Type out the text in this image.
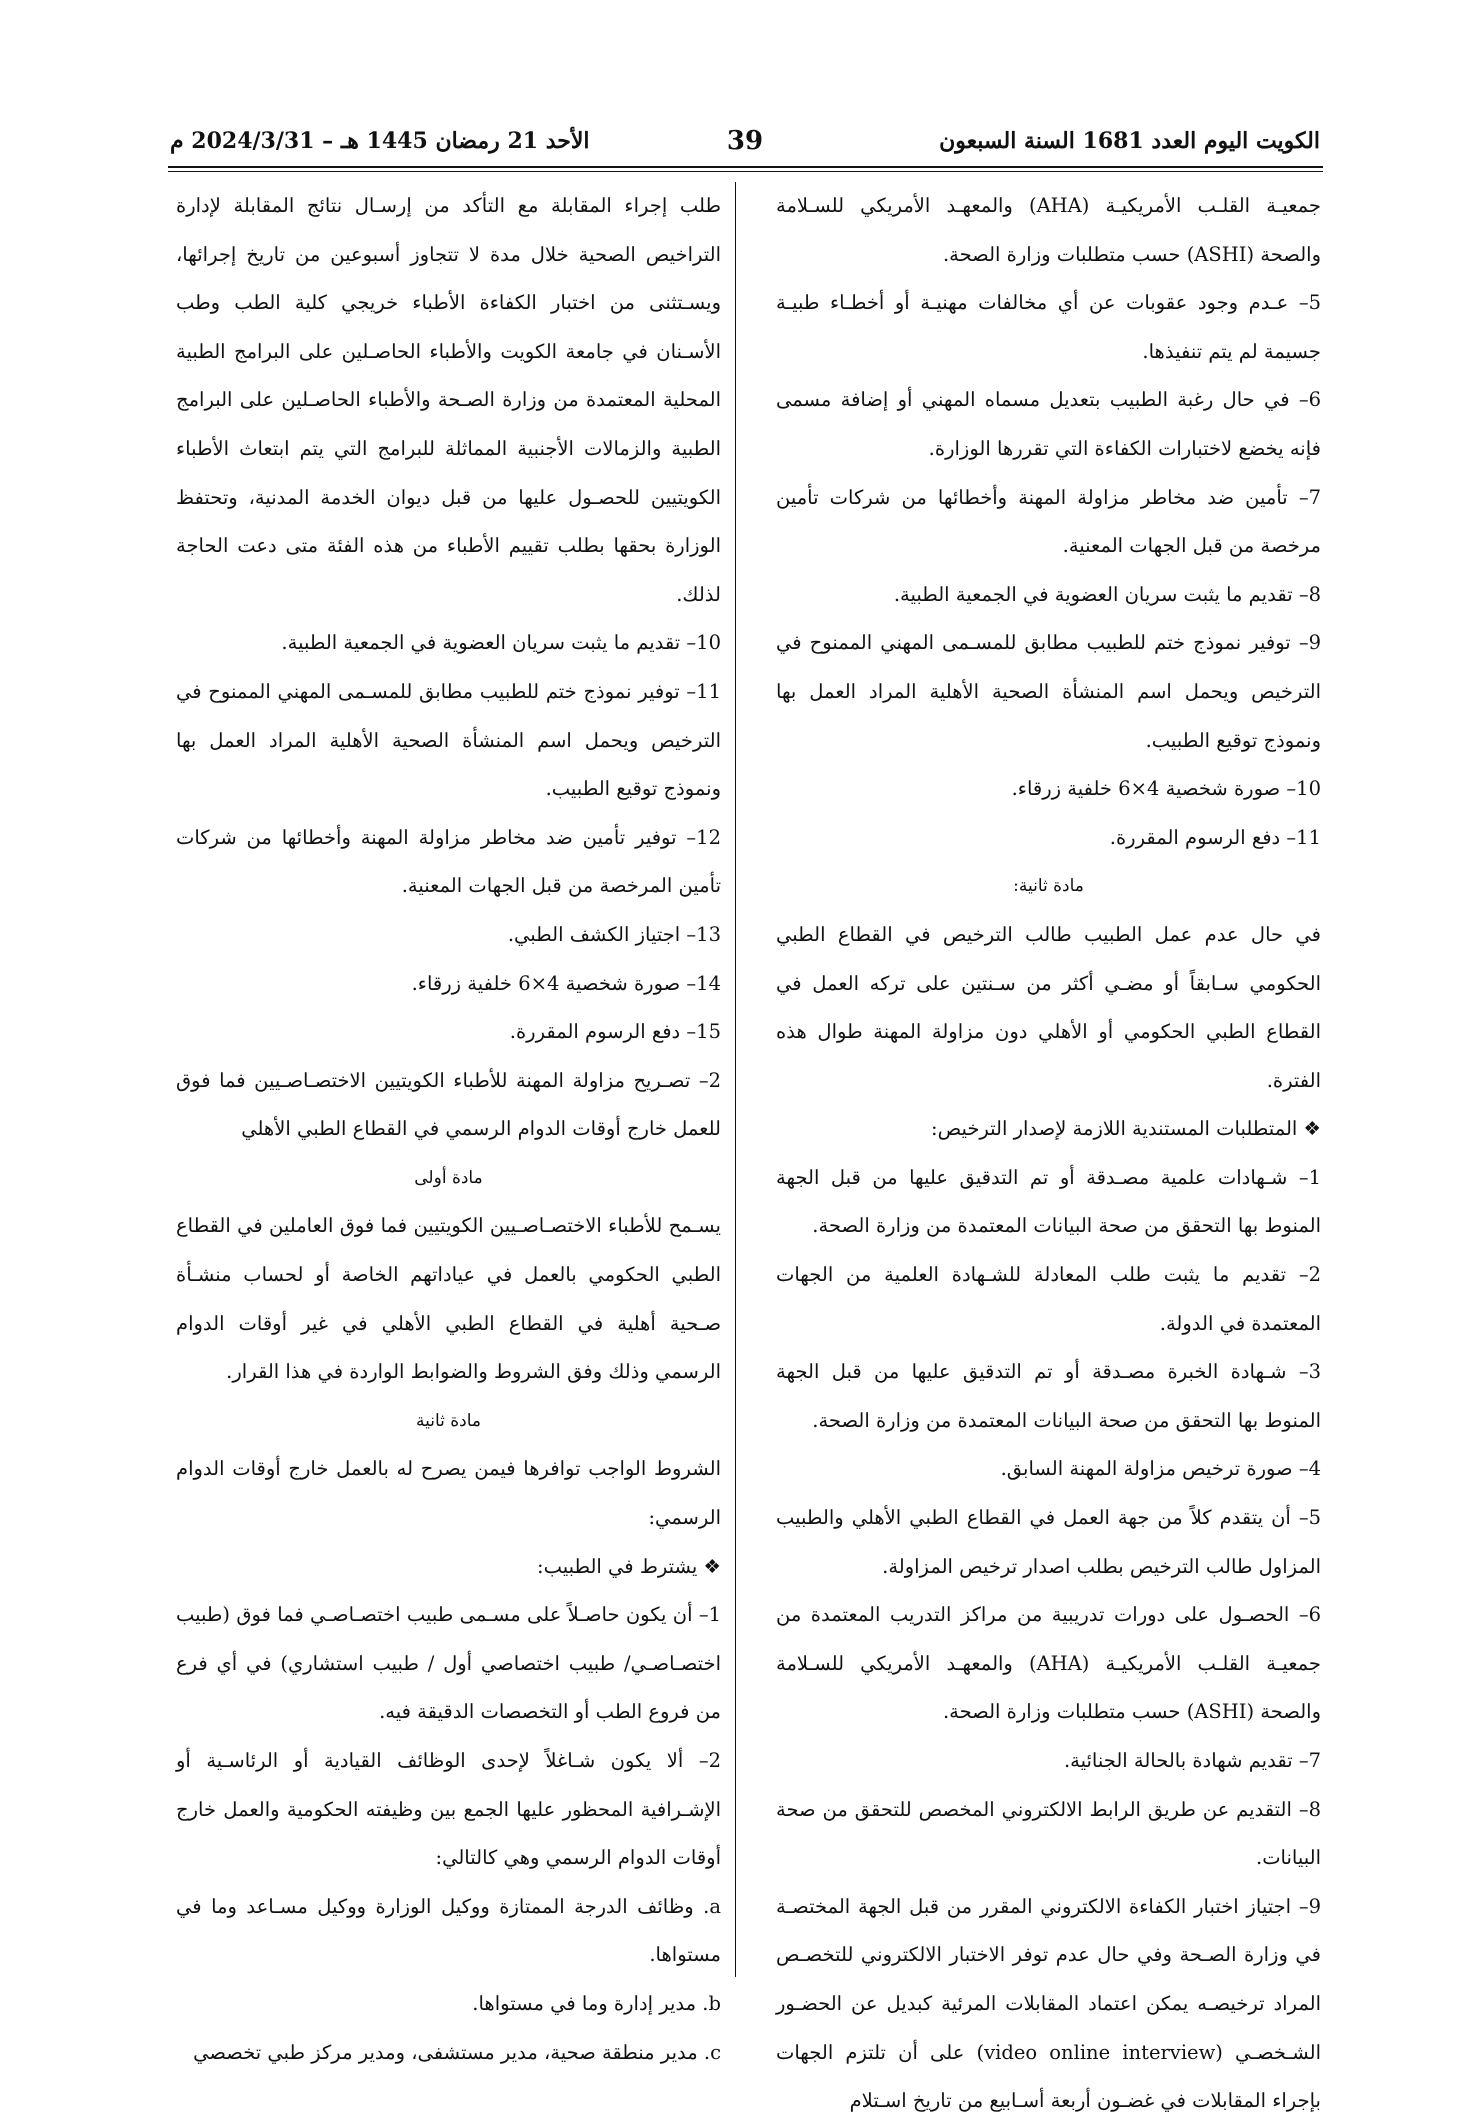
الكويت اليوم العدد 1681 السنة السبعون
39
الأحد 21 رمضان 1445 هـ – 2024/3/31 م

جمعيـة القلـب الأمريكيـة (AHA) والمعهـد الأمريكي للسـلامة والصحة (ASHI) حسب متطلبات وزارة الصحة.

5– عـدم وجود عقوبات عن أي مخالفات مهنيـة أو أخطـاء طبيـة جسيمة لم يتم تنفيذها.

6– في حال رغبة الطبيب بتعديل مسماه المهني أو إضافة مسمى فإنه يخضع لاختبارات الكفاءة التي تقررها الوزارة.

7– تأمين ضد مخاطر مزاولة المهنة وأخطائها من شركات تأمين مرخصة من قبل الجهات المعنية.

8– تقديم ما يثبت سريان العضوية في الجمعية الطبية.

9– توفير نموذج ختم للطبيب مطابق للمسـمى المهني الممنوح في الترخيص ويحمل اسم المنشأة الصحية الأهلية المراد العمل بها ونموذج توقيع الطبيب.

10– صورة شخصية 4×6 خلفية زرقاء.

11– دفع الرسوم المقررة.

مادة ثانية:

في حال عدم عمل الطبيب طالب الترخيص في القطاع الطبي الحكومي سـابقاً أو مضـي أكثر من سـنتين على تركه العمل في القطاع الطبي الحكومي أو الأهلي دون مزاولة المهنة طوال هذه الفترة.

❖ المتطلبات المستندية اللازمة لإصدار الترخيص:

1– شـهادات علمية مصـدقة أو تم التدقيق عليها من قبل الجهة المنوط بها التحقق من صحة البيانات المعتمدة من وزارة الصحة.

2– تقديم ما يثبت طلب المعادلة للشـهادة العلمية من الجهات المعتمدة في الدولة.

3– شـهادة الخبرة مصـدقة أو تم التدقيق عليها من قبل الجهة المنوط بها التحقق من صحة البيانات المعتمدة من وزارة الصحة.

4– صورة ترخيص مزاولة المهنة السابق.

5– أن يتقدم كلاً من جهة العمل في القطاع الطبي الأهلي والطبيب المزاول طالب الترخيص بطلب اصدار ترخيص المزاولة.

6– الحصـول على دورات تدريبية من مراكز التدريب المعتمدة من جمعيـة القلـب الأمريكيـة (AHA) والمعهـد الأمريكي للسـلامة والصحة (ASHI) حسب متطلبات وزارة الصحة.

7– تقديم شهادة بالحالة الجنائية.

8– التقديم عن طريق الرابط الالكتروني المخصص للتحقق من صحة البيانات.

9– اجتياز اختبار الكفاءة الالكتروني المقرر من قبل الجهة المختصـة في وزارة الصـحة وفي حال عدم توفر الاختبار الالكتروني للتخصـص المراد ترخيصـه يمكن اعتماد المقابلات المرئية كبديل عن الحضـور الشـخصـي (video online interview) على أن تلتزم الجهات بإجراء المقابلات في غضـون أربعة أسـابيع من تاريخ اسـتلام

طلب إجراء المقابلة مع التأكد من إرسـال نتائج المقابلة لإدارة التراخيص الصحية خلال مدة لا تتجاوز أسبوعين من تاريخ إجرائها، ويسـتثنى من اختبار الكفاءة الأطباء خريجي كلية الطب وطب الأسـنان في جامعة الكويت والأطباء الحاصـلين على البرامج الطبية المحلية المعتمدة من وزارة الصـحة والأطباء الحاصـلين على البرامج الطبية والزمالات الأجنبية المماثلة للبرامج التي يتم ابتعاث الأطباء الكويتيين للحصـول عليها من قبل ديوان الخدمة المدنية، وتحتفظ الوزارة بحقها بطلب تقييم الأطباء من هذه الفئة متى دعت الحاجة لذلك.

10– تقديم ما يثبت سريان العضوية في الجمعية الطبية.

11– توفير نموذج ختم للطبيب مطابق للمسـمى المهني الممنوح في الترخيص ويحمل اسم المنشأة الصحية الأهلية المراد العمل بها ونموذج توقيع الطبيب.

12– توفير تأمين ضد مخاطر مزاولة المهنة وأخطائها من شركات تأمين المرخصة من قبل الجهات المعنية.

13– اجتياز الكشف الطبي.

14– صورة شخصية 4×6 خلفية زرقاء.

15– دفع الرسوم المقررة.

2– تصـريح مزاولة المهنة للأطباء الكويتيين الاختصـاصـيين فما فوق للعمل خارج أوقات الدوام الرسمي في القطاع الطبي الأهلي

مادة أولى

يسـمح للأطباء الاختصـاصـيين الكويتيين فما فوق العاملين في القطاع الطبي الحكومي بالعمل في عياداتهم الخاصة أو لحساب منشـأة صـحية أهلية في القطاع الطبي الأهلي في غير أوقات الدوام الرسمي وذلك وفق الشروط والضوابط الواردة في هذا القرار.

مادة ثانية

الشروط الواجب توافرها فيمن يصرح له بالعمل خارج أوقات الدوام الرسمي:

❖ يشترط في الطبيب:

1– أن يكون حاصـلاً على مسـمى طبيب اختصـاصـي فما فوق (طبيب اختصـاصـي/ طبيب اختصاصي أول / طبيب استشاري) في أي فرع من فروع الطب أو التخصصات الدقيقة فيه.

2– ألا يكون شـاغلاً لإحدى الوظائف القيادية أو الرئاسـية أو الإشـرافية المحظور عليها الجمع بين وظيفته الحكومية والعمل خارج أوقات الدوام الرسمي وهي كالتالي:

a. وظائف الدرجة الممتازة ووكيل الوزارة ووكيل مسـاعد وما في مستواها.

b. مدير إدارة وما في مستواها.

c. مدير منطقة صحية، مدير مستشفى، ومدير مركز طبي تخصصي
